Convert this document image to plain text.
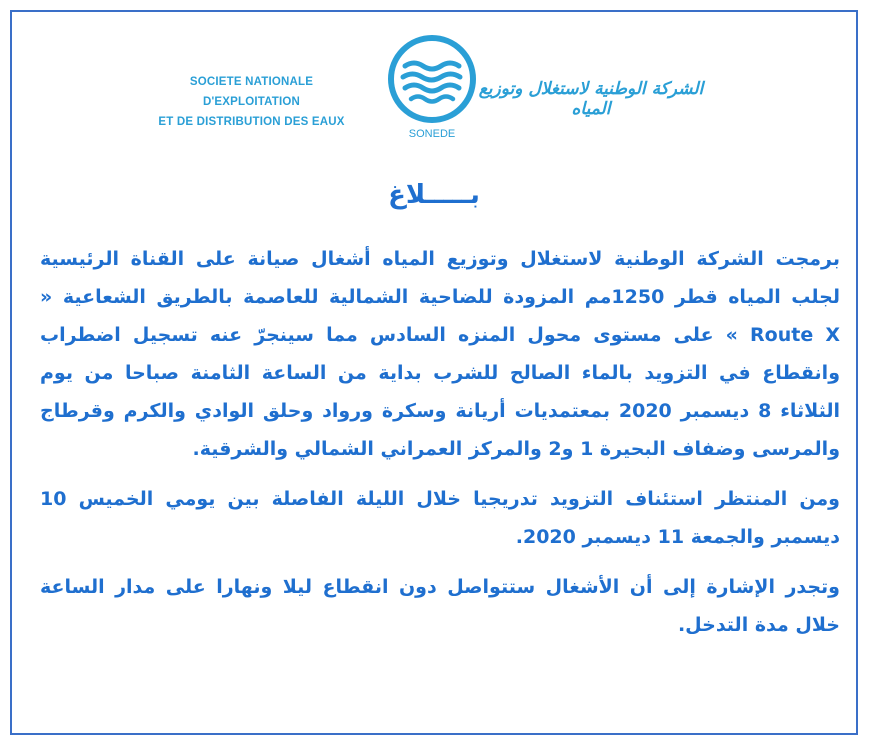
SOCIETE NATIONALE D'EXPLOITATION
ET DE DISTRIBUTION DES EAUX
SONEDE
الشركة الوطنية لاستغلال وتوزيع المياه
بـــــلاغ

برمجت الشركة الوطنية لاستغلال وتوزيع المياه أشغال صيانة على القناة الرئيسية لجلب المياه قطر 1250مم المزودة للضاحية الشمالية للعاصمة بالطريق الشعاعية « Route X » على مستوى محول المنزه السادس مما سينجرّ عنه تسجيل اضطراب وانقطاع في التزويد بالماء الصالح للشرب بداية من الساعة الثامنة صباحا من يوم الثلاثاء 8 ديسمبر 2020 بمعتمديات أريانة وسكرة ورواد وحلق الوادي والكرم وقرطاج والمرسى وضفاف البحيرة 1 و2 والمركز العمراني الشمالي والشرقية.

ومن المنتظر استئناف التزويد تدريجيا خلال الليلة الفاصلة بين يومي الخميس 10 ديسمبر والجمعة 11 ديسمبر 2020.

وتجدر الإشارة إلى أن الأشغال ستتواصل دون انقطاع ليلا ونهارا على مدار الساعة خلال مدة التدخل.
